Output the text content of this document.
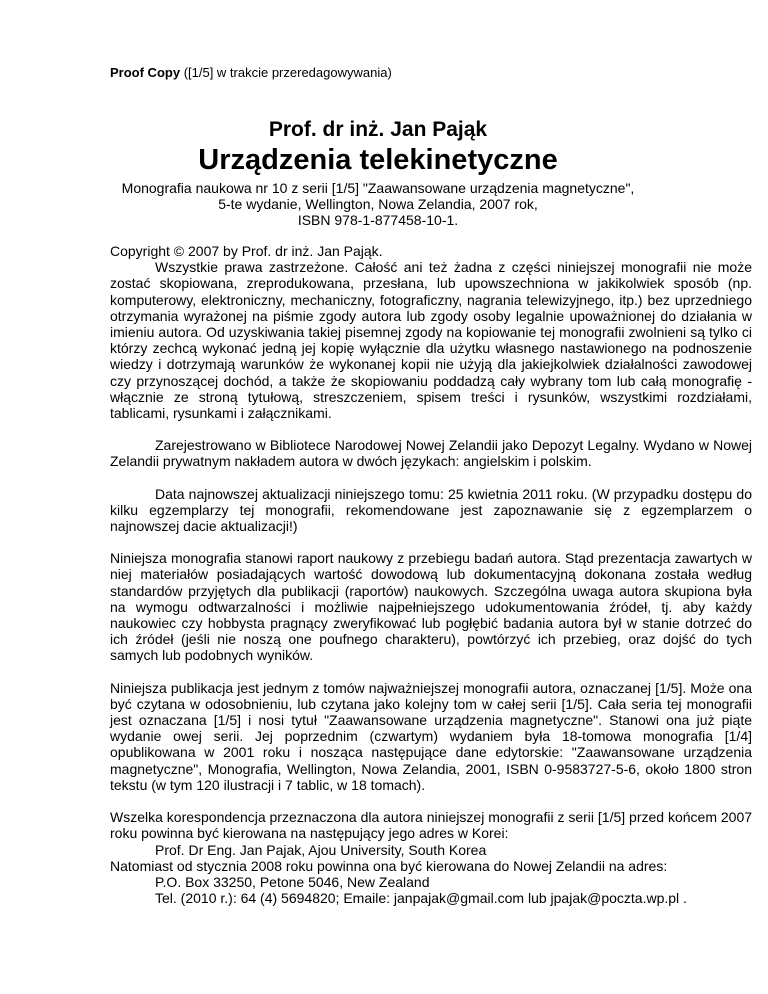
Proof Copy ([1/5] w trakcie przeredagowywania)
Prof. dr inż. Jan Pająk
Urządzenia telekinetyczne
Monografia naukowa nr 10 z serii [1/5] "Zaawansowane urządzenia magnetyczne",
5-te wydanie, Wellington, Nowa Zelandia, 2007 rok,
ISBN 978-1-877458-10-1.

Copyright © 2007 by Prof. dr inż. Jan Pająk.

Wszystkie prawa zastrzeżone. Całość ani też żadna z części niniejszej monografii nie może zostać skopiowana, zreprodukowana, przesłana, lub upowszechniona w jakikolwiek sposób (np. komputerowy, elektroniczny, mechaniczny, fotograficzny, nagrania telewizyjnego, itp.) bez uprzedniego otrzymania wyrażonej na piśmie zgody autora lub zgody osoby legalnie upoważnionej do działania w imieniu autora. Od uzyskiwania takiej pisemnej zgody na kopiowanie tej monografii zwolnieni są tylko ci którzy zechcą wykonać jedną jej kopię wyłącznie dla użytku własnego nastawionego na podnoszenie wiedzy i dotrzymają warunków że wykonanej kopii nie użyją dla jakiejkolwiek działalności zawodowej czy przynoszącej dochód, a także że skopiowaniu poddadzą cały wybrany tom lub całą monografię - włącznie ze stroną tytułową, streszczeniem, spisem treści i rysunków, wszystkimi rozdziałami, tablicami, rysunkami i załącznikami.

Zarejestrowano w Bibliotece Narodowej Nowej Zelandii jako Depozyt Legalny. Wydano w Nowej Zelandii prywatnym nakładem autora w dwóch językach: angielskim i polskim.

Data najnowszej aktualizacji niniejszego tomu: 25 kwietnia 2011 roku. (W przypadku dostępu do kilku egzemplarzy tej monografii, rekomendowane jest zapoznawanie się z egzemplarzem o najnowszej dacie aktualizacji!)

Niniejsza monografia stanowi raport naukowy z przebiegu badań autora. Stąd prezentacja zawartych w niej materiałów posiadających wartość dowodową lub dokumentacyjną dokonana została według standardów przyjętych dla publikacji (raportów) naukowych. Szczególna uwaga autora skupiona była na wymogu odtwarzalności i możliwie najpełniejszego udokumentowania źródeł, tj. aby każdy naukowiec czy hobbysta pragnący zweryfikować lub pogłębić badania autora był w stanie dotrzeć do ich źródeł (jeśli nie noszą one poufnego charakteru), powtórzyć ich przebieg, oraz dojść do tych samych lub podobnych wyników.

Niniejsza publikacja jest jednym z tomów najważniejszej monografii autora, oznaczanej [1/5]. Może ona być czytana w odosobnieniu, lub czytana jako kolejny tom w całej serii [1/5]. Cała seria tej monografii jest oznaczana [1/5] i nosi tytuł "Zaawansowane urządzenia magnetyczne". Stanowi ona już piąte wydanie owej serii. Jej poprzednim (czwartym) wydaniem była 18-tomowa monografia [1/4] opublikowana w 2001 roku i nosząca następujące dane edytorskie: "Zaawansowane urządzenia magnetyczne", Monografia, Wellington, Nowa Zelandia, 2001, ISBN 0-9583727-5-6, około 1800 stron tekstu (w tym 120 ilustracji i 7 tablic, w 18 tomach).

Wszelka korespondencja przeznaczona dla autora niniejszej monografii z serii [1/5] przed końcem 2007 roku powinna być kierowana na następujący jego adres w Korei:

Prof. Dr Eng. Jan Pajak, Ajou University, South Korea

Natomiast od stycznia 2008 roku powinna ona być kierowana do Nowej Zelandii na adres:

P.O. Box 33250, Petone 5046, New Zealand

Tel. (2010 r.): 64 (4) 5694820; Emaile: janpajak@gmail.com lub jpajak@poczta.wp.pl .
